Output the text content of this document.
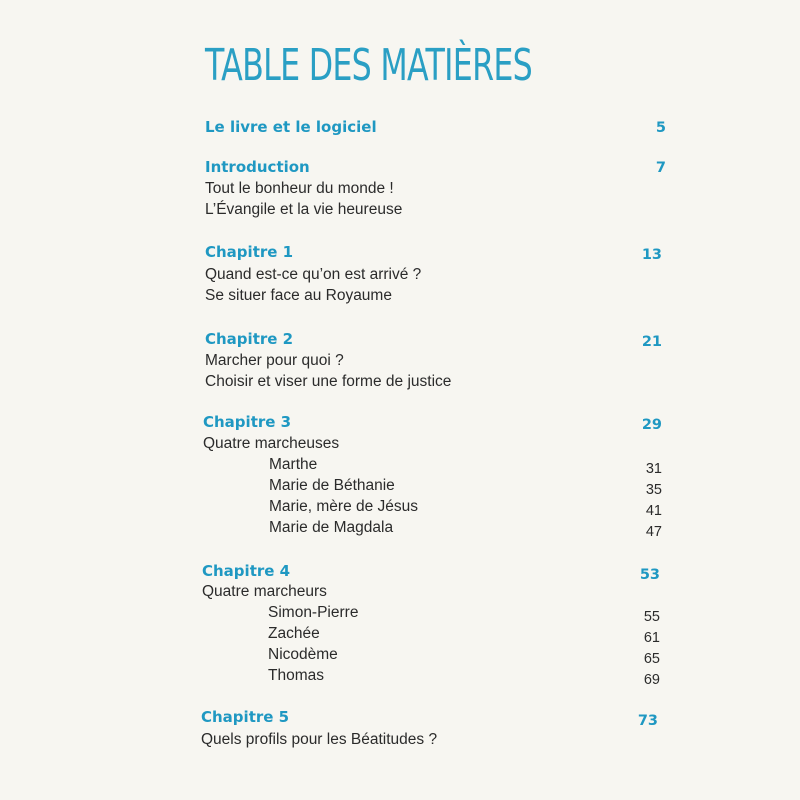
TABLE DES MATIÈRES
Le livre et le logiciel	5
Introduction	7
Tout le bonheur du monde !
L’Évangile et la vie heureuse
Chapitre 1	13
Quand est-ce qu’on est arrivé ?
Se situer face au Royaume
Chapitre 2	21
Marcher pour quoi ?
Choisir et viser une forme de justice
Chapitre 3	29
Quatre marcheuses
Marthe	31
Marie de Béthanie	35
Marie, mère de Jésus	41
Marie de Magdala	47
Chapitre 4	53
Quatre marcheurs
Simon-Pierre	55
Zachée	61
Nicodème	65
Thomas	69
Chapitre 5	73
Quels profils pour les Béatitudes ?
